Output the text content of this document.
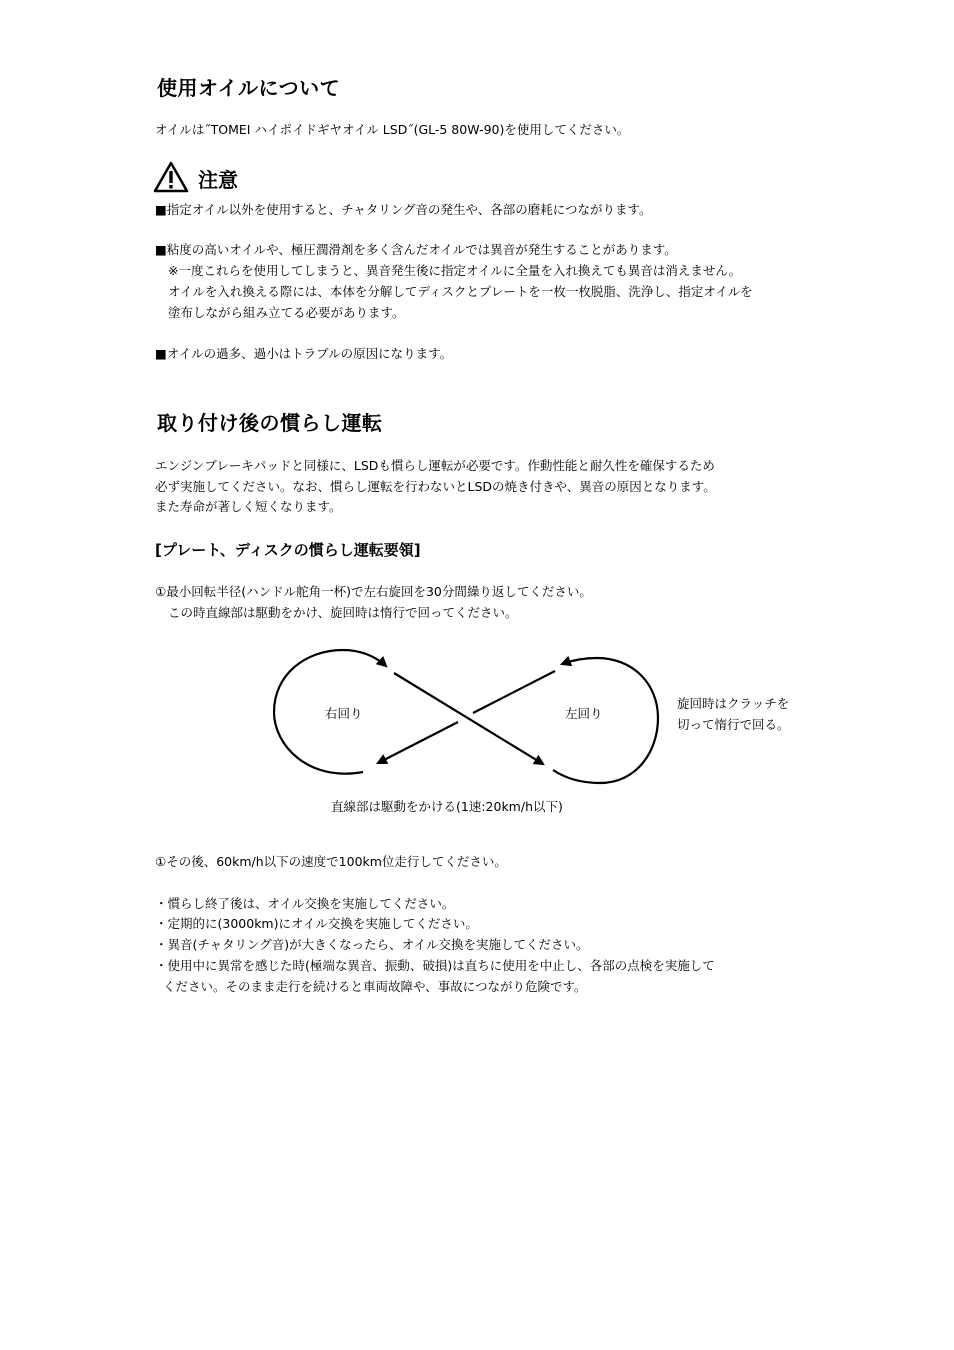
使用オイルについて
オイルは˝TOMEI ハイポイドギヤオイル LSD˝(GL-5 80W-90)を使用してください。
注意
■指定オイル以外を使用すると、チャタリング音の発生や、各部の磨耗につながります。
■粘度の高いオイルや、極圧潤滑剤を多く含んだオイルでは異音が発生することがあります。
※一度これらを使用してしまうと、異音発生後に指定オイルに全量を入れ換えても異音は消えません。
オイルを入れ換える際には、本体を分解してディスクとプレートを一枚一枚脱脂、洗浄し、指定オイルを
塗布しながら組み立てる必要があります。
■オイルの過多、過小はトラブルの原因になります。
取り付け後の慣らし運転
エンジンブレーキパッドと同様に、LSDも慣らし運転が必要です。作動性能と耐久性を確保するため
必ず実施してください。なお、慣らし運転を行わないとLSDの焼き付きや、異音の原因となります。
また寿命が著しく短くなります。
[プレート、ディスクの慣らし運転要領]
①最小回転半径(ハンドル舵角一杯)で左右旋回を30分間繰り返してください。
この時直線部は駆動をかけ、旋回時は惰行で回ってください。
右回り	左回り
旋回時はクラッチを
切って惰行で回る。
直線部は駆動をかける(1速:20km/h以下)
①その後、60km/h以下の速度で100km位走行してください。
・慣らし終了後は、オイル交換を実施してください。
・定期的に(3000km)にオイル交換を実施してください。
・異音(チャタリング音)が大きくなったら、オイル交換を実施してください。
・使用中に異常を感じた時(極端な異音、振動、破損)は直ちに使用を中止し、各部の点検を実施して
ください。そのまま走行を続けると車両故障や、事故につながり危険です。
